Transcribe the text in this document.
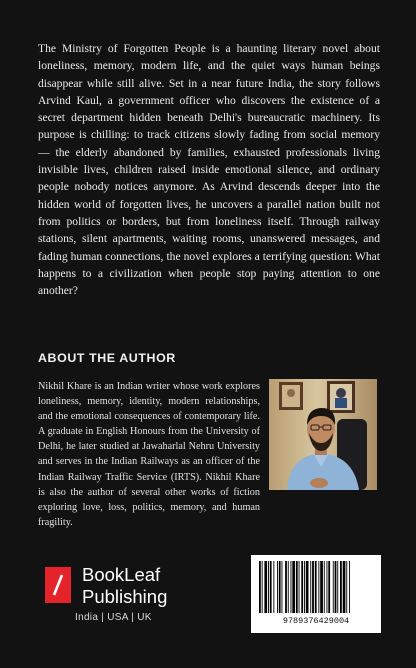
The Ministry of Forgotten People is a haunting literary novel about loneliness, memory, modern life, and the quiet ways human beings disappear while still alive. Set in a near future India, the story follows Arvind Kaul, a government officer who discovers the existence of a secret department hidden beneath Delhi's bureaucratic machinery. Its purpose is chilling: to track citizens slowly fading from social memory — the elderly abandoned by families, exhausted professionals living invisible lives, children raised inside emotional silence, and ordinary people nobody notices anymore. As Arvind descends deeper into the hidden world of forgotten lives, he uncovers a parallel nation built not from politics or borders, but from loneliness itself. Through railway stations, silent apartments, waiting rooms, unanswered messages, and fading human connections, the novel explores a terrifying question: What happens to a civilization when people stop paying attention to one another?

ABOUT THE AUTHOR

Nikhil Khare is an Indian writer whose work explores loneliness, memory, identity, modern relationships, and the emotional consequences of contemporary life. A graduate in English Honours from the University of Delhi, he later studied at Jawaharlal Nehru University and serves in the Indian Railways as an officer of the Indian Railway Traffic Service (IRTS). Nikhil Khare is also the author of several other works of fiction exploring love, loss, politics, memory, and human fragility.

BookLeaf
Publishing
India | USA | UK	9789376429004
